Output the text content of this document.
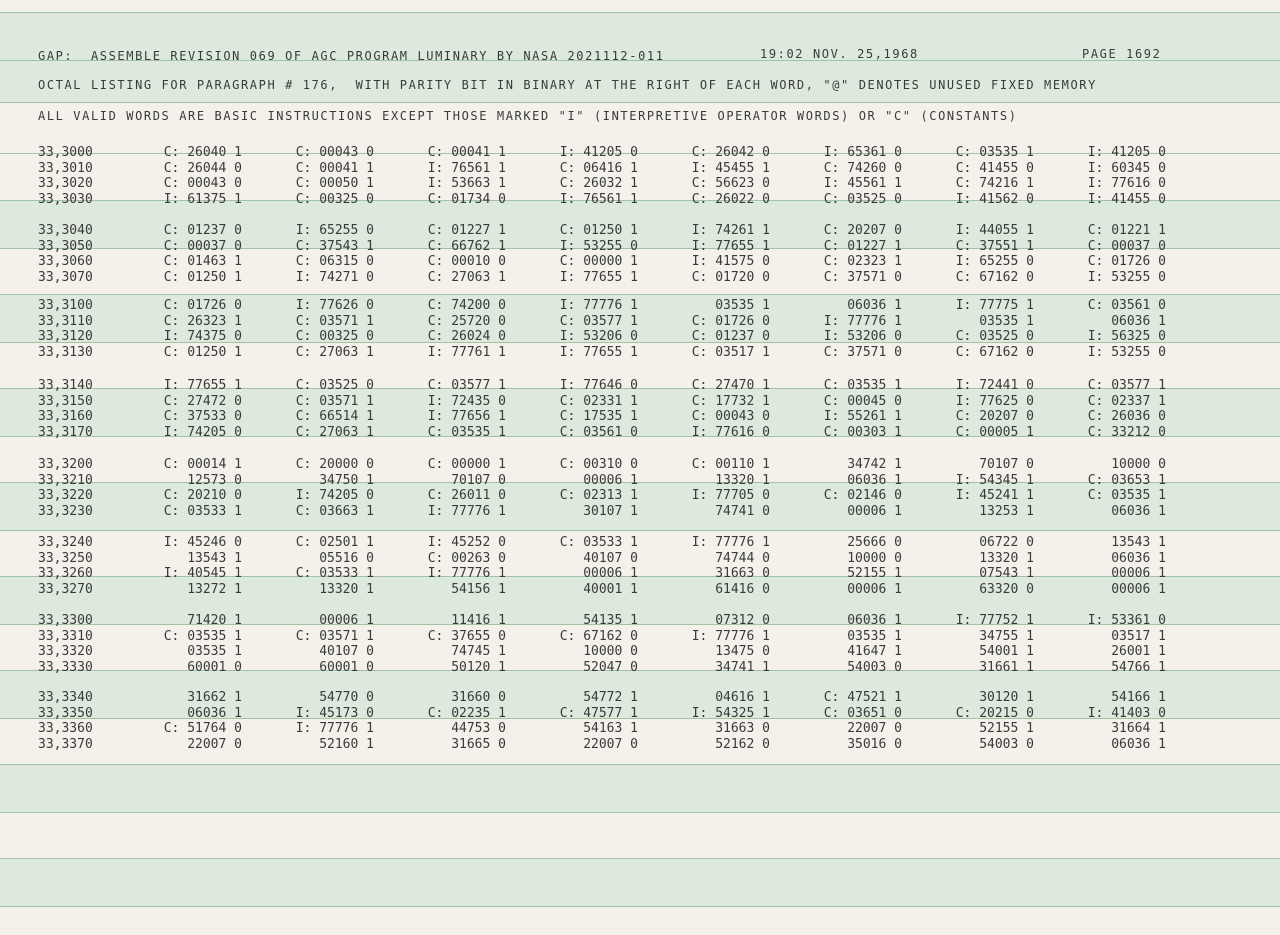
GAP:  ASSEMBLE REVISION 069 OF AGC PROGRAM LUMINARY BY NASA 2021112-011	19:02 NOV. 25,1968	PAGE 1692
OCTAL LISTING FOR PARAGRAPH # 176,  WITH PARITY BIT IN BINARY AT THE RIGHT OF EACH WORD, "@" DENOTES UNUSED FIXED MEMORY
ALL VALID WORDS ARE BASIC INSTRUCTIONS EXCEPT THOSE MARKED "I" (INTERPRETIVE OPERATOR WORDS) OR "C" (CONSTANTS)
33,3000	C: 26040 1	C: 00043 0	C: 00041 1	I: 41205 0	C: 26042 0	I: 65361 0	C: 03535 1	I: 41205 0
33,3010	C: 26044 0	C: 00041 1	I: 76561 1	C: 06416 1	I: 45455 1	C: 74260 0	C: 41455 0	I: 60345 0
33,3020	C: 00043 0	C: 00050 1	I: 53663 1	C: 26032 1	C: 56623 0	I: 45561 1	C: 74216 1	I: 77616 0
33,3030	I: 61375 1	C: 00325 0	C: 01734 0	I: 76561 1	C: 26022 0	C: 03525 0	I: 41562 0	I: 41455 0
33,3040	C: 01237 0	I: 65255 0	C: 01227 1	C: 01250 1	I: 74261 1	C: 20207 0	I: 44055 1	C: 01221 1
33,3050	C: 00037 0	C: 37543 1	C: 66762 1	I: 53255 0	I: 77655 1	C: 01227 1	C: 37551 1	C: 00037 0
33,3060	C: 01463 1	C: 06315 0	C: 00010 0	C: 00000 1	I: 41575 0	C: 02323 1	I: 65255 0	C: 01726 0
33,3070	C: 01250 1	I: 74271 0	C: 27063 1	I: 77655 1	C: 01720 0	C: 37571 0	C: 67162 0	I: 53255 0
33,3100	C: 01726 0	I: 77626 0	C: 74200 0	I: 77776 1	03535 1	06036 1	I: 77775 1	C: 03561 0
33,3110	C: 26323 1	C: 03571 1	C: 25720 0	C: 03577 1	C: 01726 0	I: 77776 1	03535 1	06036 1
33,3120	I: 74375 0	C: 00325 0	C: 26024 0	I: 53206 0	C: 01237 0	I: 53206 0	C: 03525 0	I: 56325 0
33,3130	C: 01250 1	C: 27063 1	I: 77761 1	I: 77655 1	C: 03517 1	C: 37571 0	C: 67162 0	I: 53255 0
33,3140	I: 77655 1	C: 03525 0	C: 03577 1	I: 77646 0	C: 27470 1	C: 03535 1	I: 72441 0	C: 03577 1
33,3150	C: 27472 0	C: 03571 1	I: 72435 0	C: 02331 1	C: 17732 1	C: 00045 0	I: 77625 0	C: 02337 1
33,3160	C: 37533 0	C: 66514 1	I: 77656 1	C: 17535 1	C: 00043 0	I: 55261 1	C: 20207 0	C: 26036 0
33,3170	I: 74205 0	C: 27063 1	C: 03535 1	C: 03561 0	I: 77616 0	C: 00303 1	C: 00005 1	C: 33212 0
33,3200	C: 00014 1	C: 20000 0	C: 00000 1	C: 00310 0	C: 00110 1	34742 1	70107 0	10000 0
33,3210	12573 0	34750 1	70107 0	00006 1	13320 1	06036 1	I: 54345 1	C: 03653 1
33,3220	C: 20210 0	I: 74205 0	C: 26011 0	C: 02313 1	I: 77705 0	C: 02146 0	I: 45241 1	C: 03535 1
33,3230	C: 03533 1	C: 03663 1	I: 77776 1	30107 1	74741 0	00006 1	13253 1	06036 1
33,3240	I: 45246 0	C: 02501 1	I: 45252 0	C: 03533 1	I: 77776 1	25666 0	06722 0	13543 1
33,3250	13543 1	05516 0	C: 00263 0	40107 0	74744 0	10000 0	13320 1	06036 1
33,3260	I: 40545 1	C: 03533 1	I: 77776 1	00006 1	31663 0	52155 1	07543 1	00006 1
33,3270	13272 1	13320 1	54156 1	40001 1	61416 0	00006 1	63320 0	00006 1
33,3300	71420 1	00006 1	11416 1	54135 1	07312 0	06036 1	I: 77752 1	I: 53361 0
33,3310	C: 03535 1	C: 03571 1	C: 37655 0	C: 67162 0	I: 77776 1	03535 1	34755 1	03517 1
33,3320	03535 1	40107 0	74745 1	10000 0	13475 0	41647 1	54001 1	26001 1
33,3330	60001 0	60001 0	50120 1	52047 0	34741 1	54003 0	31661 1	54766 1
33,3340	31662 1	54770 0	31660 0	54772 1	04616 1	C: 47521 1	30120 1	54166 1
33,3350	06036 1	I: 45173 0	C: 02235 1	C: 47577 1	I: 54325 1	C: 03651 0	C: 20215 0	I: 41403 0
33,3360	C: 51764 0	I: 77776 1	44753 0	54163 1	31663 0	22007 0	52155 1	31664 1
33,3370	22007 0	52160 1	31665 0	22007 0	52162 0	35016 0	54003 0	06036 1
